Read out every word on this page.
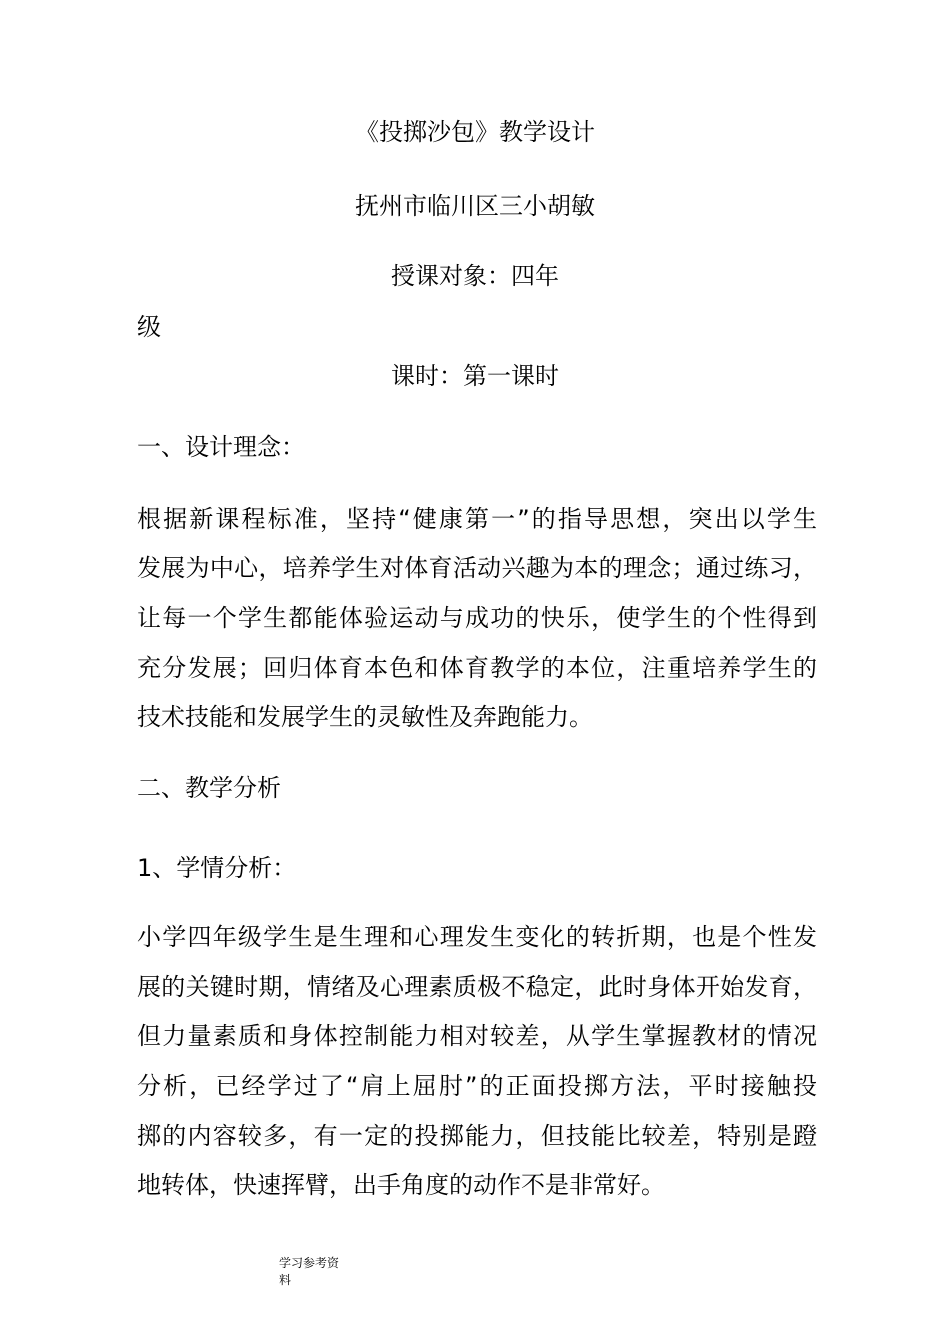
《投掷沙包》教学设计
抚州市临川区三小胡敏
授课对象：四年
级
课时：第一课时
一、设计理念：
根据新课程标准，坚持“健康第一”的指导思想，突出以学生
发展为中心，培养学生对体育活动兴趣为本的理念；通过练习，
让每一个学生都能体验运动与成功的快乐，使学生的个性得到
充分发展；回归体育本色和体育教学的本位，注重培养学生的
技术技能和发展学生的灵敏性及奔跑能力。
二、教学分析
1、学情分析：
小学四年级学生是生理和心理发生变化的转折期，也是个性发
展的关键时期，情绪及心理素质极不稳定，此时身体开始发育，
但力量素质和身体控制能力相对较差，从学生掌握教材的情况
分析，已经学过了“肩上屈肘”的正面投掷方法，平时接触投
掷的内容较多，有一定的投掷能力，但技能比较差，特别是蹬
地转体，快速挥臂，出手角度的动作不是非常好。
学习参考资
料
